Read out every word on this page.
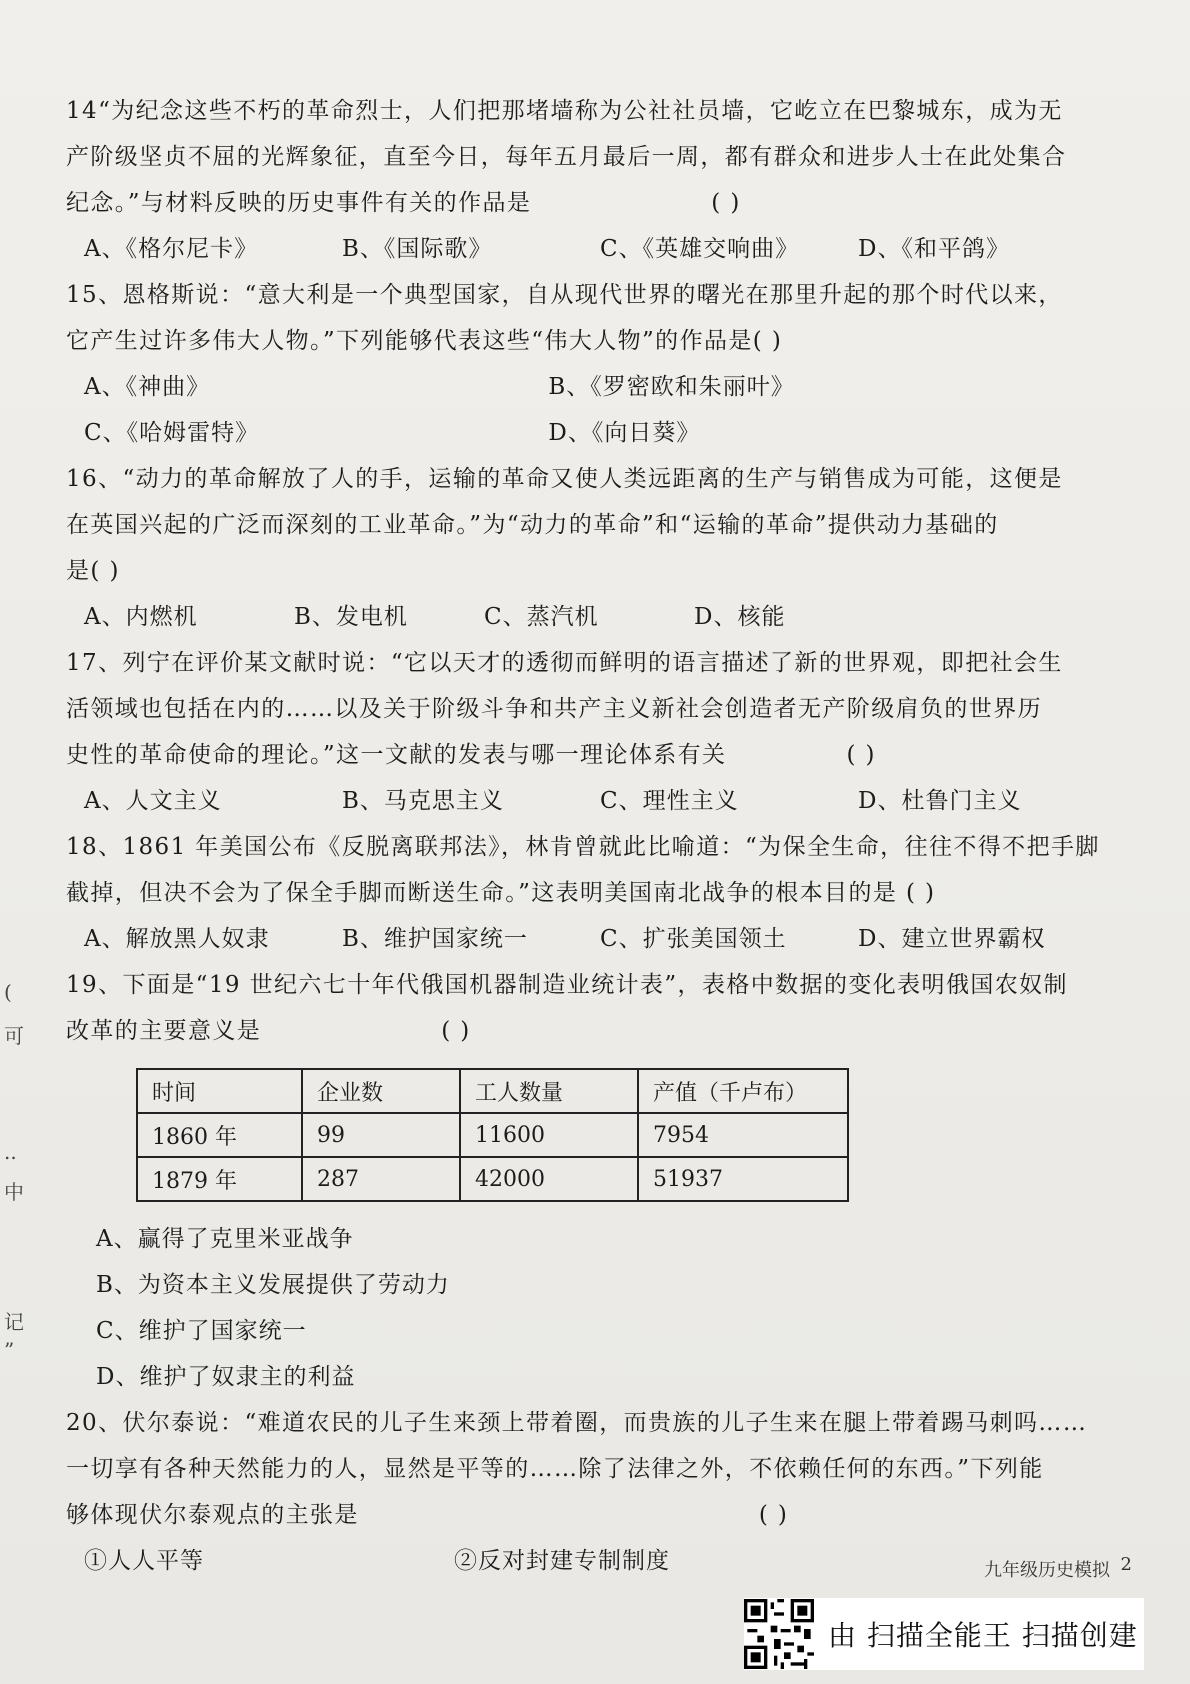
(
可
..
中
记
”

14“为纪念这些不朽的革命烈士，人们把那堵墙称为公社社员墙，它屹立在巴黎城东，成为无

产阶级坚贞不屈的光辉象征，直至今日，每年五月最后一周，都有群众和进步人士在此处集合

纪念。”与材料反映的历史事件有关的作品是	( )

A、《格尔尼卡》	B、《国际歌》	C、《英雄交响曲》	D、《和平鸽》

15、恩格斯说：“意大利是一个典型国家，自从现代世界的曙光在那里升起的那个时代以来，

它产生过许多伟大人物。”下列能够代表这些“伟大人物”的作品是( )

A、《神曲》	B、《罗密欧和朱丽叶》
C、《哈姆雷特》	D、《向日葵》

16、“动力的革命解放了人的手，运输的革命又使人类远距离的生产与销售成为可能，这便是

在英国兴起的广泛而深刻的工业革命。”为“动力的革命”和“运输的革命”提供动力基础的

是( )

A、内燃机	B、发电机	C、蒸汽机	D、核能

17、列宁在评价某文献时说：“它以天才的透彻而鲜明的语言描述了新的世界观，即把社会生

活领域也包括在内的……以及关于阶级斗争和共产主义新社会创造者无产阶级肩负的世界历

史性的革命使命的理论。”这一文献的发表与哪一理论体系有关	( )

A、人文主义	B、马克思主义	C、理性主义	D、杜鲁门主义

18、1861 年美国公布《反脱离联邦法》，林肯曾就此比喻道：“为保全生命，往往不得不把手脚

截掉，但决不会为了保全手脚而断送生命。”这表明美国南北战争的根本目的是 ( )

A、解放黑人奴隶	B、维护国家统一	C、扩张美国领土	D、建立世界霸权

19、下面是“19 世纪六七十年代俄国机器制造业统计表”，表格中数据的变化表明俄国农奴制

改革的主要意义是	( )

时间	企业数	工人数量	产值（千卢布）
1860 年	99	11600	7954
1879 年	287	42000	51937
A、赢得了克里米亚战争
B、为资本主义发展提供了劳动力
C、维护了国家统一
D、维护了奴隶主的利益

20、伏尔泰说：“难道农民的儿子生来颈上带着圈，而贵族的儿子生来在腿上带着踢马刺吗……

一切享有各种天然能力的人，显然是平等的……除了法律之外，不依赖任何的东西。”下列能

够体现伏尔泰观点的主张是	( )

①人人平等	②反对封建专制制度	九年级历史模拟 2
由 扫描全能王 扫描创建
